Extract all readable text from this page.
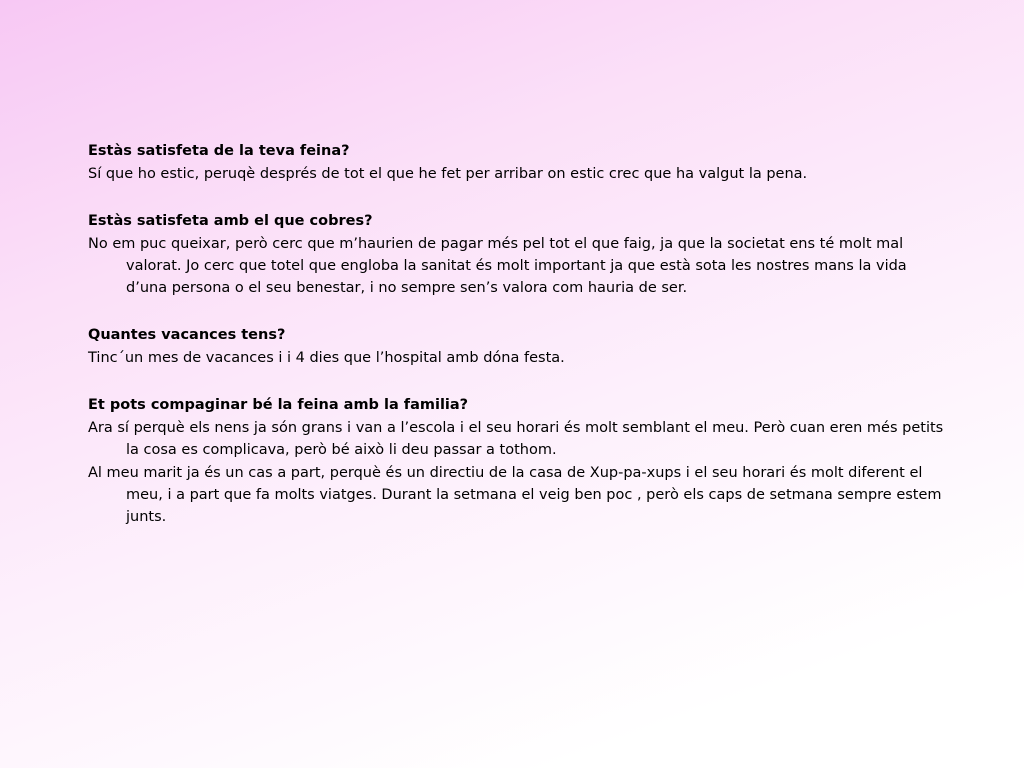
Estàs satisfeta de la teva feina?

Sí que ho estic, peruqè després de tot el que he fet per arribar on estic crec que ha valgut la pena.

Estàs satisfeta amb el que cobres?

No em puc queixar, però cerc que m’haurien de pagar més pel tot el que faig, ja que la societat ens té molt mal valorat. Jo cerc que totel que engloba la sanitat és molt important ja que està sota les nostres mans la vida d’una persona o el seu benestar, i no sempre sen’s valora com hauria de ser.

Quantes vacances tens?

Tinc´un mes de vacances i i 4 dies que l’hospital amb dóna festa.

Et pots compaginar bé la feina amb la familia?

Ara sí perquè els nens ja són grans i van a l’escola i el seu horari és molt semblant el meu. Però cuan eren més petits la cosa es complicava, però bé això li deu passar a tothom.

Al meu marit ja és un cas a part, perquè és un directiu de la casa de Xup-pa-xups i el seu horari és molt diferent el meu, i a part que fa molts viatges. Durant la setmana el veig ben poc , però els caps de setmana sempre estem junts.
